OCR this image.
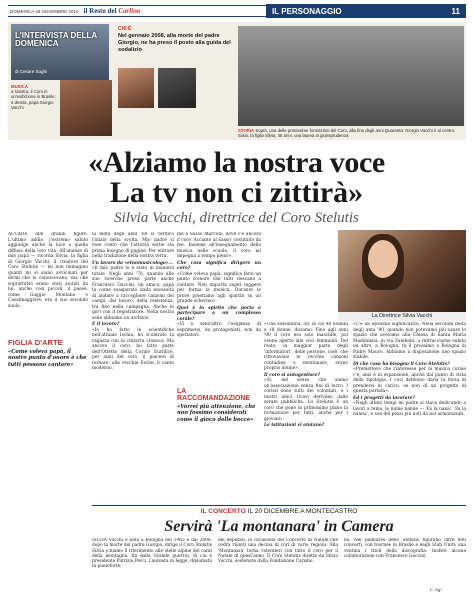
DOMENICA 28 NOVEMBRE 2010 il Resto del Carlino	IL PERSONAGGIO	11
L'INTERVISTA DELLA DOMENICA
di Cesare Sughi
MUSICA
a sinistra, il Coro in un'esibizione in Brasile; a destra, papà Giorgio Vacchi
CHI È
Nel gennaio 2008, alla morte del padre Giorgio, ne ha preso il posto alla guida del sodalizio
STORIA Sopra, una delle primissime formazioni del Coro, alla fine degli anni Quaranta: Giorgio Vacchi è al centro. Sotto, la figlia Silvia, 45 anni, una laurea in giurisprudenza
«Alziamo la nostra voce
La tv non ci zittirà»
Silvia Vacchi, direttrice del Coro Stelutis
La Direttrice Silvia Vacchi
ACCADE alle grandi figure. L'ultimo addio, l'estremo saluto aggiunge anche la luce a quella diffusa della loro vita. All'ananse di mio papà — ricorda Silvia, la figlia di Giorgio Vacchi, il creatore del Coro Stelutis — lei non immagino quanti mi si siano avvicinati per dirmi che lo conoscevano, ma che soprattutto erano stati aiutati da lui, anche così piccoli, il paese, come Gaggio Montano o Casalmaggiore, era il suo secondo suolo.
FIGLIA D'ARTE
«Come voleva papà, il nostro punto d'onore è che tutti possano cantare»
la metà degli anni '60 si verificò l'inizio della svolta. Mio padre si rese conto che l'attività serbe sta prima bisogno di pagine. Per entrare nella tradizione della nostra terra.
Un lavoro da «etnomusicologo»...
«E mio padre lo è stato in maniera totale. Negli anni '70, quando alle sue ricerche prese parte anche Francesco Guccini, un amico, papà fu come esasperato dalla necessità di andare a raccogliere canzoni dei campi, del lavoro, della resistenza, tra fino nella campagna. Anche in giro con il registratore. Nella nostra sede abbiamo un archivio.
E il lavoro?
«Io ho fatto le scientifiche nell'attuale Ischia, ho scontrato la ragazza con la chitarra classica. Ma ancora il coro, ho fatto parte dell'Ottetto della Corale Euridice, per anni del coro, il piacere di tornare, alle vecchie Esche, il canto moderno.
me a Sasso Marconi, dove c'è ancora il coro 'Accanto al Sasso' costituito da me. Insieme all'insegnamento della musica nelle scuole, il coro mi impegna a tempo pieno».
Che cosa significa dirigere un coro?
«Come voleva papà, significa farsi un punto d'onore che tutti riescano a cantare. Non importa saper leggere per forma la musica. Durante le prove prestiamo agli spartiti su un grande schermo».
Quel è lo spirito che porta a partecipare a un complesso corale?
«Vi è senz'altro l'esigenza di esprimersi, da protagonisti, non da spettatori.
LA RACCOMANDAZIONE
«Vorrei più attenzione, che non fossimo considerati come il gioco delle bocce»
«Una sessantina, 58, di cui 40 uomini e 18 donne, diciamo. Fino agli anni '90 il coro era solo maschile, poi venne aperto alle voci femminili. Del resto, la maggior parte degli 'informatori', delle persone, cioè, che ritrovavano le vecchie canzoni contadine o montanare, erano proprio donne».
Il coro si autogestisce?
«Sì, nel senso che siamo un'associazione senza fini di lucro. I coristi sono tutti dei volontari, e i nostri unici ricavi derivano dalle serate pubbliche. Lo Stelutis è un coro che pone in primissimo piano la formazione per tutti, anche per i giovani».
Le istituzioni vi aiutano?
«C'è un episodio significativo. Nella seconda metà degli anni '90, quando non potevamo più usare lo spazio che avevamo alla Chiesa di Santa Maria Maddalena, in via Zamboni, a rintracciarne subito un altro, a Bologna, fu il prossimo a Bologna di Padre Mauro. Abbiamo a disposizione uno spazio stabile.
Di che cosa ha bisogno il Coro Stelutis?
«Premettevo che l'interesse per la musica corale c'è, anzi è in espansione, anche dal punto di vista della tipologia. I cori debbono darsi la forza di prendersi in carico, se non di un progetto di questa portata».
Ed i progetti da lavorare?
«Negli ultimi tempi mi padre si stava dedicando a lavori a tema, le ninne nanne — 'Fa la nana'. 'Fa la nanna', e son dei pezzi più noti da noi armonizzati.
IL CONCERTO IL 20 DICEMBRE A MONTECASTRO
Servirà 'La montanara' in Camera
SILVIA Vacchi è nata a Bologna nel 1965 e dal 2008, dopo la morte del padre Giorgio, dirige il Coro Stelutis Silvia (chiamo il riferimento alle stelle alpine del canti della montagna, fin dalla Grande guerra), di cui è presidente Patrizia Pecci. Laureata in legge, diplomata in pianoforte.
dei deputati, in occasione del Concerto di Natale che vedrà riuniti una decina di cori di varie regioni. Alla 'Montanara' torna volentieri con tutto il coro per il Natale di quest'anno. Il Coro Stelutis dirette da Silvia Vacchi, sostenute dalla Fondazione Carisbo.
bo. Nel palmarès dello Stelutis figurano oltre 600 concerti, con tournée in Brasile e negli Stati Uniti; una ventina i titoli della discografia. Inoltre alcune collaborazioni con Francesco Guccini.
c. sg.
